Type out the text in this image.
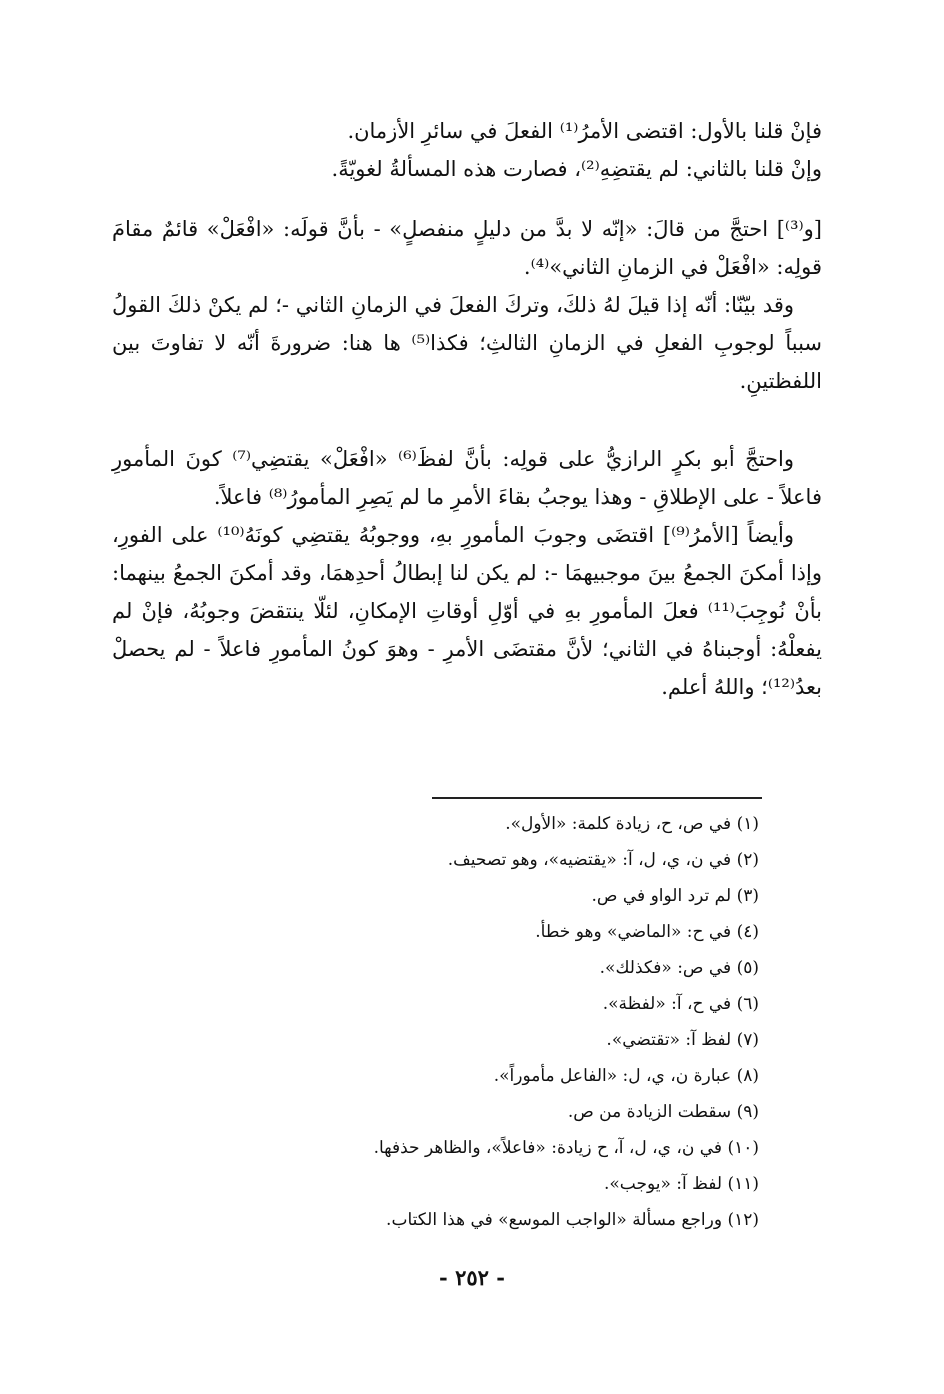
فإنْ قلنا بالأول: اقتضى الأمرُ⁽¹⁾ الفعلَ في سائرِ الأزمان.

وإنْ قلنا بالثاني: لم يقتضِهِ⁽²⁾، فصارت هذه المسألةُ لغويّةً.

[و⁽³⁾] احتجَّ من قالَ: «إنّه لا بدَّ من دليلٍ منفصلٍ» - بأنَّ قولَه: «افْعَلْ» قائمٌ مقامَ قولِه: «افْعَلْ في الزمانِ الثاني»⁽⁴⁾.

وقد بيّنّا: أنّه إذا قيلَ لهُ ذلكَ، وتركَ الفعلَ في الزمانِ الثاني -؛ لم يكنْ ذلكَ القولُ سبباً لوجوبِ الفعلِ في الزمانِ الثالثِ؛ فكذا⁽⁵⁾ ها هنا: ضرورةَ أنّه لا تفاوتَ بين اللفظتينِ.

واحتجَّ أبو بكرٍ الرازيُّ على قولِه: بأنَّ لفظَ⁽⁶⁾ «افْعَلْ» يقتضِي⁽⁷⁾ كونَ المأمورِ فاعلاً - على الإطلاقِ - وهذا يوجبُ بقاءَ الأمرِ ما لم يَصِرِ المأمورُ⁽⁸⁾ فاعلاً.

وأيضاً [الأمرُ⁽⁹⁾] اقتضَى وجوبَ المأمورِ بهِ، ووجوبُهُ يقتضِي كونَهُ⁽¹⁰⁾ على الفورِ، وإذا أمكنَ الجمعُ بينَ موجبيهمَا -: لم يكن لنا إبطالُ أحدِهمَا، وقد أمكنَ الجمعُ بينهما: بأنْ نُوجِبَ⁽¹¹⁾ فعلَ المأمورِ بهِ في أوّلِ أوقاتِ الإمكانِ، لئلّا ينتقضَ وجوبُهُ، فإنْ لم يفعلْهُ: أوجبناهُ في الثاني؛ لأنَّ مقتضَى الأمرِ - وهوَ كونُ المأمورِ فاعلاً - لم يحصلْ بعدُ⁽¹²⁾؛ واللهُ أعلم.

(١) في ص، ح، زيادة كلمة: «الأول».
(٢) في ن، ي، ل، آ: «يقتضيه»، وهو تصحيف.
(٣) لم ترد الواو في ص.
(٤) في ح: «الماضي» وهو خطأ.
(٥) في ص: «فكذلك».
(٦) في ح، آ: «لفظة».
(٧) لفظ آ: «تقتضي».
(٨) عبارة ن، ي، ل: «الفاعل مأموراً».
(٩) سقطت الزيادة من ص.
(١٠) في ن، ي، ل، آ، ح زيادة: «فاعلاً»، والظاهر حذفها.
(١١) لفظ آ: «يوجب».
(١٢) وراجع مسألة «الواجب الموسع» في هذا الكتاب.
- ٢٥٢ -
